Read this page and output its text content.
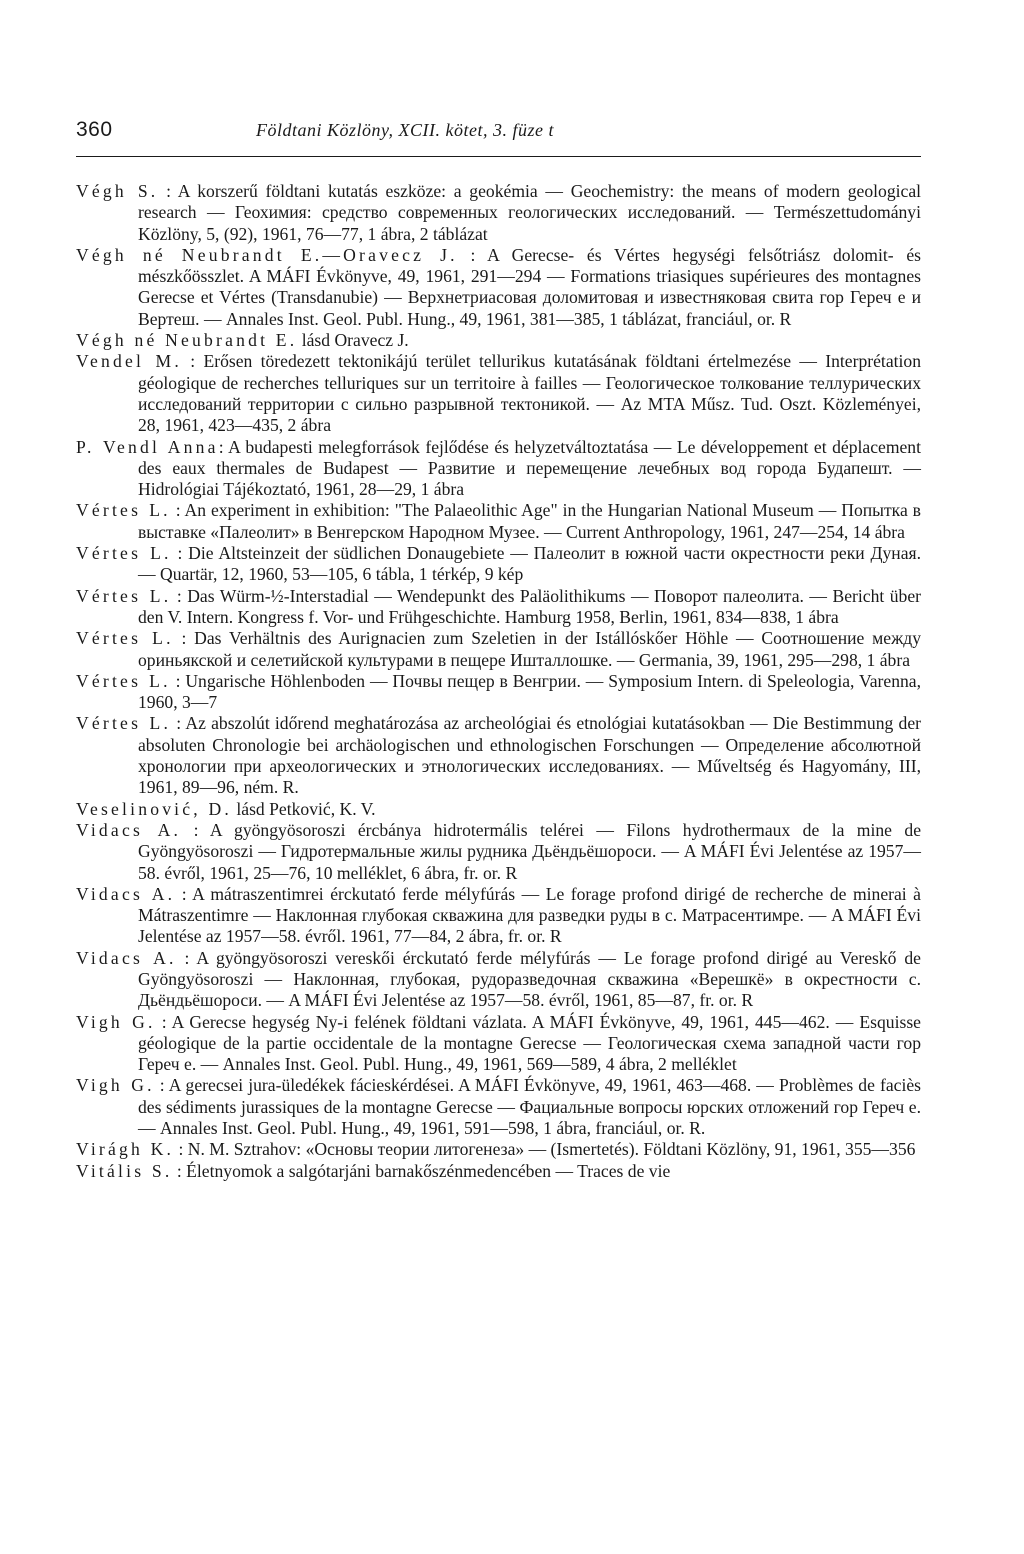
360	Földtani Közlöny, XCII. kötet, 3. füze t

Végh S. : A korszerű földtani kutatás eszköze: a geokémia — Geochemistry: the means of modern geological research — Геохимия: средство современных геологических исследований. — Természettudományi Közlöny, 5, (92), 1961, 76—77, 1 ábra, 2 táblázat

Végh né Neubrandt E.—Oravecz J. : A Gerecse- és Vértes hegységi felsőtriász dolomit- és mészkőösszlet. A MÁFI Évkönyve, 49, 1961, 291—294 — Formations triasiques supérieures des montagnes Gerecse et Vértes (Transdanubie) — Верхнетриасовая доломитовая и известняковая свита гор Гереч е и Вертеш. — Annales Inst. Geol. Publ. Hung., 49, 1961, 381—385, 1 táblázat, franciául, or. R

Végh né Neubrandt E. lásd Oravecz J.

Vendel M. : Erősen töredezett tektonikájú terület tellurikus kutatásának földtani értelmezése — Interprétation géologique de recherches telluriques sur un territoire à failles — Геологическое толкование теллурических исследований территории с сильно разрывной тектоникой. — Az MTA Műsz. Tud. Oszt. Közleményei, 28, 1961, 423—435, 2 ábra

P. Vendl Anna: A budapesti melegforrások fejlődése és helyzetváltoztatása — Le développement et déplacement des eaux thermales de Budapest — Развитие и перемещение лечебных вод города Будапешт. — Hidrológiai Tájékoztató, 1961, 28—29, 1 ábra

Vértes L. : An experiment in exhibition: "The Palaeolithic Age" in the Hungarian National Museum — Попытка в выставке «Палеолит» в Венгерском Народном Музее. — Current Anthropology, 1961, 247—254, 14 ábra

Vértes L. : Die Altsteinzeit der südlichen Donaugebiete — Палеолит в южной части окрестности реки Дуная. — Quartär, 12, 1960, 53—105, 6 tábla, 1 térkép, 9 kép

Vértes L. : Das Würm-½-Interstadial — Wendepunkt des Paläolithikums — Поворот палеолита. — Bericht über den V. Intern. Kongress f. Vor- und Frühgeschichte. Hamburg 1958, Berlin, 1961, 834—838, 1 ábra

Vértes L. : Das Verhältnis des Aurignacien zum Szeletien in der Istállóskőer Höhle — Соотношение между ориньякской и селетийской культурами в пещере Ишталлошке. — Germania, 39, 1961, 295—298, 1 ábra

Vértes L. : Ungarische Höhlenboden — Почвы пещер в Венгрии. — Symposium Intern. di Speleologia, Varenna, 1960, 3—7

Vértes L. : Az abszolút időrend meghatározása az archeológiai és etnológiai kutatásokban — Die Bestimmung der absoluten Chronologie bei archäologischen und ethnologischen Forschungen — Определение абсолютной хронологии при археологических и этнологических исследованиях. — Műveltség és Hagyomány, III, 1961, 89—96, ném. R.

Veselinović, D. lásd Petković, K. V.

Vidacs A. : A gyöngyösoroszi ércbánya hidrotermális telérei — Filons hydrothermaux de la mine de Gyöngyösoroszi — Гидротермальные жилы рудника Дьёндьёшороси. — A MÁFI Évi Jelentése az 1957—58. évről, 1961, 25—76, 10 melléklet, 6 ábra, fr. or. R

Vidacs A. : A mátraszentimrei érckutató ferde mélyfúrás — Le forage profond dirigé de recherche de minerai à Mátraszentimre — Наклонная глубокая скважина для разведки руды в с. Матрасентимре. — A MÁFI Évi Jelentése az 1957—58. évről. 1961, 77—84, 2 ábra, fr. or. R

Vidacs A. : A gyöngyösoroszi vereskői érckutató ferde mélyfúrás — Le forage profond dirigé au Vereskő de Gyöngyösoroszi — Наклонная, глубокая, рудоразведочная скважина «Верешкё» в окрестности с. Дьёндьёшороси. — A MÁFI Évi Jelentése az 1957—58. évről, 1961, 85—87, fr. or. R

Vigh G. : A Gerecse hegység Ny-i felének földtani vázlata. A MÁFI Évkönyve, 49, 1961, 445—462. — Esquisse géologique de la partie occidentale de la montagne Gerecse — Геологическая схема западной части гор Гереч е. — Annales Inst. Geol. Publ. Hung., 49, 1961, 569—589, 4 ábra, 2 melléklet

Vigh G. : A gerecsei jura-üledékek fácieskérdései. A MÁFI Évkönyve, 49, 1961, 463—468. — Problèmes de faciès des sédiments jurassiques de la montagne Gerecse — Фациальные вопросы юрских отложений гор Гереч е. — Annales Inst. Geol. Publ. Hung., 49, 1961, 591—598, 1 ábra, franciául, or. R.

Virágh K. : N. M. Sztrahov: «Основы теории литогенеза» — (Ismertetés). Földtani Közlöny, 91, 1961, 355—356

Vitális S. : Életnyomok a salgótarjáni barnakőszénmedencében — Traces de vie
